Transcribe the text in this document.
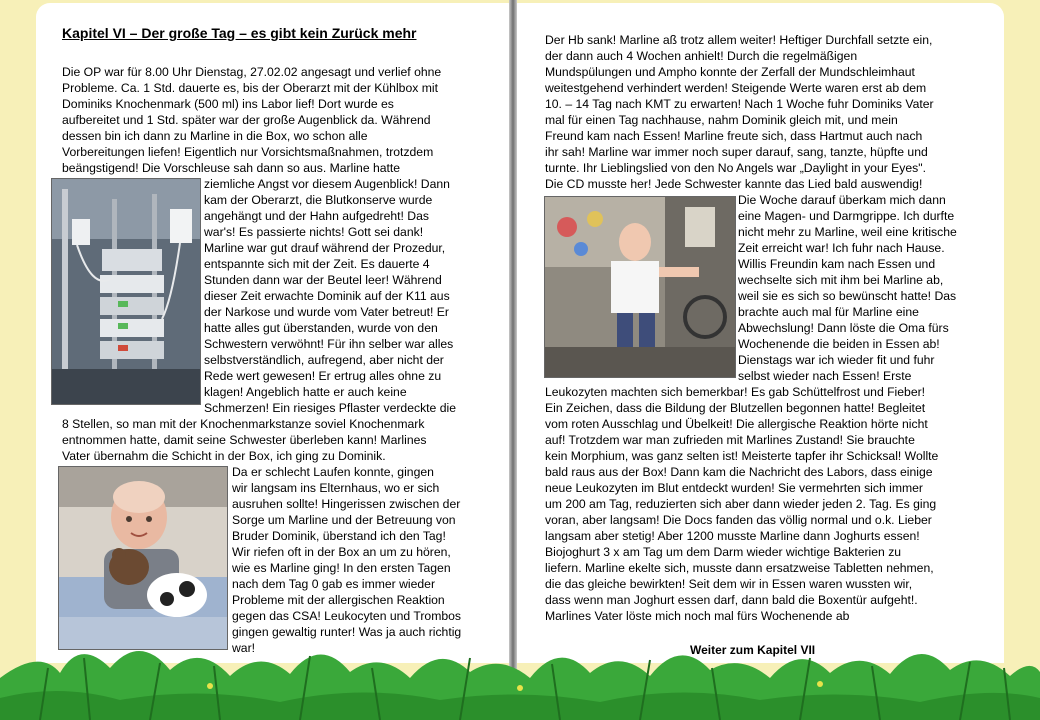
Kapitel VI – Der große Tag – es gibt kein Zurück mehr
Die OP war für 8.00 Uhr Dienstag, 27.02.02 angesagt und verlief ohne
Probleme. Ca. 1 Std. dauerte es, bis der Oberarzt mit der Kühlbox mit
Dominiks Knochenmark (500 ml) ins Labor lief! Dort wurde es
aufbereitet und 1 Std. später war der große Augenblick da. Während
dessen bin ich dann zu Marline in die Box, wo schon alle
Vorbereitungen liefen! Eigentlich nur Vorsichtsmaßnahmen, trotzdem
beängstigend! Die Vorschleuse sah dann so aus. Marline hatte
ziemliche Angst vor diesem Augenblick! Dann
kam der Oberarzt, die Blutkonserve wurde
angehängt und der Hahn aufgedreht! Das
war's! Es passierte nichts! Gott sei dank!
Marline war gut drauf während der Prozedur,
entspannte sich mit der Zeit. Es dauerte 4
Stunden dann war der Beutel leer! Während
dieser Zeit erwachte Dominik auf der K11 aus
der Narkose und wurde vom Vater betreut! Er
hatte alles gut überstanden, wurde von den
Schwestern verwöhnt! Für ihn selber war alles
selbstverständlich, aufregend, aber nicht der
Rede wert gewesen! Er ertrug alles ohne zu
klagen! Angeblich hatte er auch keine
Schmerzen! Ein riesiges Pflaster verdeckte die
8 Stellen, so man mit der Knochenmarkstanze soviel Knochenmark
entnommen hatte, damit seine Schwester überleben kann! Marlines
Vater übernahm die Schicht in der Box, ich ging zu Dominik.
Da er schlecht Laufen konnte, gingen
wir langsam ins Elternhaus, wo er sich
ausruhen sollte! Hingerissen zwischen der
Sorge um Marline und der Betreuung von
Bruder Dominik, überstand ich den Tag!
Wir riefen oft in der Box an um zu hören,
wie es Marline ging! In den ersten Tagen
nach dem Tag 0 gab es immer wieder
Probleme mit der allergischen Reaktion
gegen das CSA! Leukocyten und Trombos
gingen gewaltig runter! Was ja auch richtig
war!
Der Hb sank! Marline aß trotz allem weiter! Heftiger Durchfall setzte ein,
der dann auch 4 Wochen anhielt! Durch die regelmäßigen
Mundspülungen und Ampho konnte der Zerfall der Mundschleimhaut
weitestgehend verhindert werden! Steigende Werte waren erst ab dem
10. – 14 Tag nach KMT zu erwarten! Nach 1 Woche fuhr Dominiks Vater
mal für einen Tag nachhause, nahm Dominik gleich mit, und mein
Freund kam nach Essen! Marline freute sich, dass Hartmut auch nach
ihr sah! Marline war immer noch super darauf, sang, tanzte, hüpfte und
turnte. Ihr Lieblingslied von den No Angels war „Daylight in your Eyes".
Die CD musste her! Jede Schwester kannte das Lied bald auswendig!
Die Woche darauf überkam mich dann
eine Magen- und Darmgrippe. Ich durfte
nicht mehr zu Marline, weil eine kritische
Zeit erreicht war! Ich fuhr nach Hause.
Willis Freundin kam nach Essen und
wechselte sich mit ihm bei Marline ab,
weil sie es sich so bewünscht hatte! Das
brachte auch mal für Marline eine
Abwechslung! Dann löste die Oma fürs
Wochenende die beiden in Essen ab!
Dienstags war ich wieder fit und fuhr
selbst wieder nach Essen! Erste
Leukozyten machten sich bemerkbar! Es gab Schüttelfrost und Fieber!
Ein Zeichen, dass die Bildung der Blutzellen begonnen hatte! Begleitet
vom roten Ausschlag und Übelkeit! Die allergische Reaktion hörte nicht
auf! Trotzdem war man zufrieden mit Marlines Zustand! Sie brauchte
kein Morphium, was ganz selten ist! Meisterte tapfer ihr Schicksal! Wollte
bald raus aus der Box! Dann kam die Nachricht des Labors, dass einige
neue Leukozyten im Blut entdeckt wurden! Sie vermehrten sich immer
um 200 am Tag, reduzierten sich aber dann wieder jeden 2. Tag. Es ging
voran, aber langsam! Die Docs fanden das völlig normal und o.k. Lieber
langsam aber stetig! Aber 1200 musste Marline dann Joghurts essen!
Biojoghurt 3 x am Tag um dem Darm wieder wichtige Bakterien zu
liefern. Marline ekelte sich, musste dann ersatzweise Tabletten nehmen,
die das gleiche bewirkten! Seit dem wir in Essen waren wussten wir,
dass wenn man Joghurt essen darf, dann bald die Boxentür aufgeht!.
Marlines Vater löste mich noch mal fürs Wochenende ab
Weiter zum Kapitel VII
